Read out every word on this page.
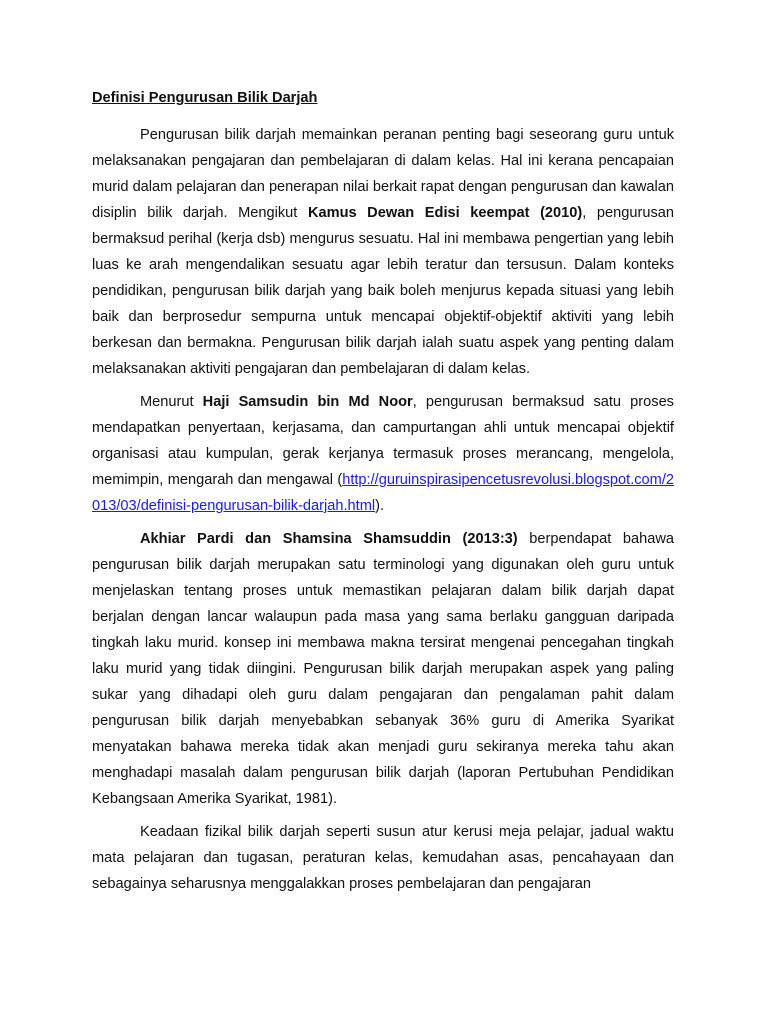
Definisi Pengurusan Bilik Darjah

Pengurusan bilik darjah memainkan peranan penting bagi seseorang guru untuk melaksanakan pengajaran dan pembelajaran di dalam kelas. Hal ini kerana pencapaian murid dalam pelajaran dan penerapan nilai berkait rapat dengan pengurusan dan kawalan disiplin bilik darjah. Mengikut Kamus Dewan Edisi keempat (2010), pengurusan bermaksud perihal (kerja dsb) mengurus sesuatu. Hal ini membawa pengertian yang lebih luas ke arah mengendalikan sesuatu agar lebih teratur dan tersusun. Dalam konteks pendidikan, pengurusan bilik darjah yang baik boleh menjurus kepada situasi yang lebih baik dan berprosedur sempurna untuk mencapai objektif-objektif aktiviti yang lebih berkesan dan bermakna. Pengurusan bilik darjah ialah suatu aspek yang penting dalam melaksanakan aktiviti pengajaran dan pembelajaran di dalam kelas.

Menurut Haji Samsudin bin Md Noor, pengurusan bermaksud satu proses mendapatkan penyertaan, kerjasama, dan campurtangan ahli untuk mencapai objektif organisasi atau kumpulan, gerak kerjanya termasuk proses merancang, mengelola, memimpin, mengarah dan mengawal (http://guruinspirasipencetusrevolusi.blogspot.com/2013/03/definisi-pengurusan-bilik-darjah.html).

Akhiar Pardi dan Shamsina Shamsuddin (2013:3) berpendapat bahawa pengurusan bilik darjah merupakan satu terminologi yang digunakan oleh guru untuk menjelaskan tentang proses untuk memastikan pelajaran dalam bilik darjah dapat berjalan dengan lancar walaupun pada masa yang sama berlaku gangguan daripada tingkah laku murid. konsep ini membawa makna tersirat mengenai pencegahan tingkah laku murid yang tidak diingini. Pengurusan bilik darjah merupakan aspek yang paling sukar yang dihadapi oleh guru dalam pengajaran dan pengalaman pahit dalam pengurusan bilik darjah menyebabkan sebanyak 36% guru di Amerika Syarikat menyatakan bahawa mereka tidak akan menjadi guru sekiranya mereka tahu akan menghadapi masalah dalam pengurusan bilik darjah (laporan Pertubuhan Pendidikan Kebangsaan Amerika Syarikat, 1981).

Keadaan fizikal bilik darjah seperti susun atur kerusi meja pelajar, jadual waktu mata pelajaran dan tugasan, peraturan kelas, kemudahan asas, pencahayaan dan sebagainya seharusnya menggalakkan proses pembelajaran dan pengajaran
